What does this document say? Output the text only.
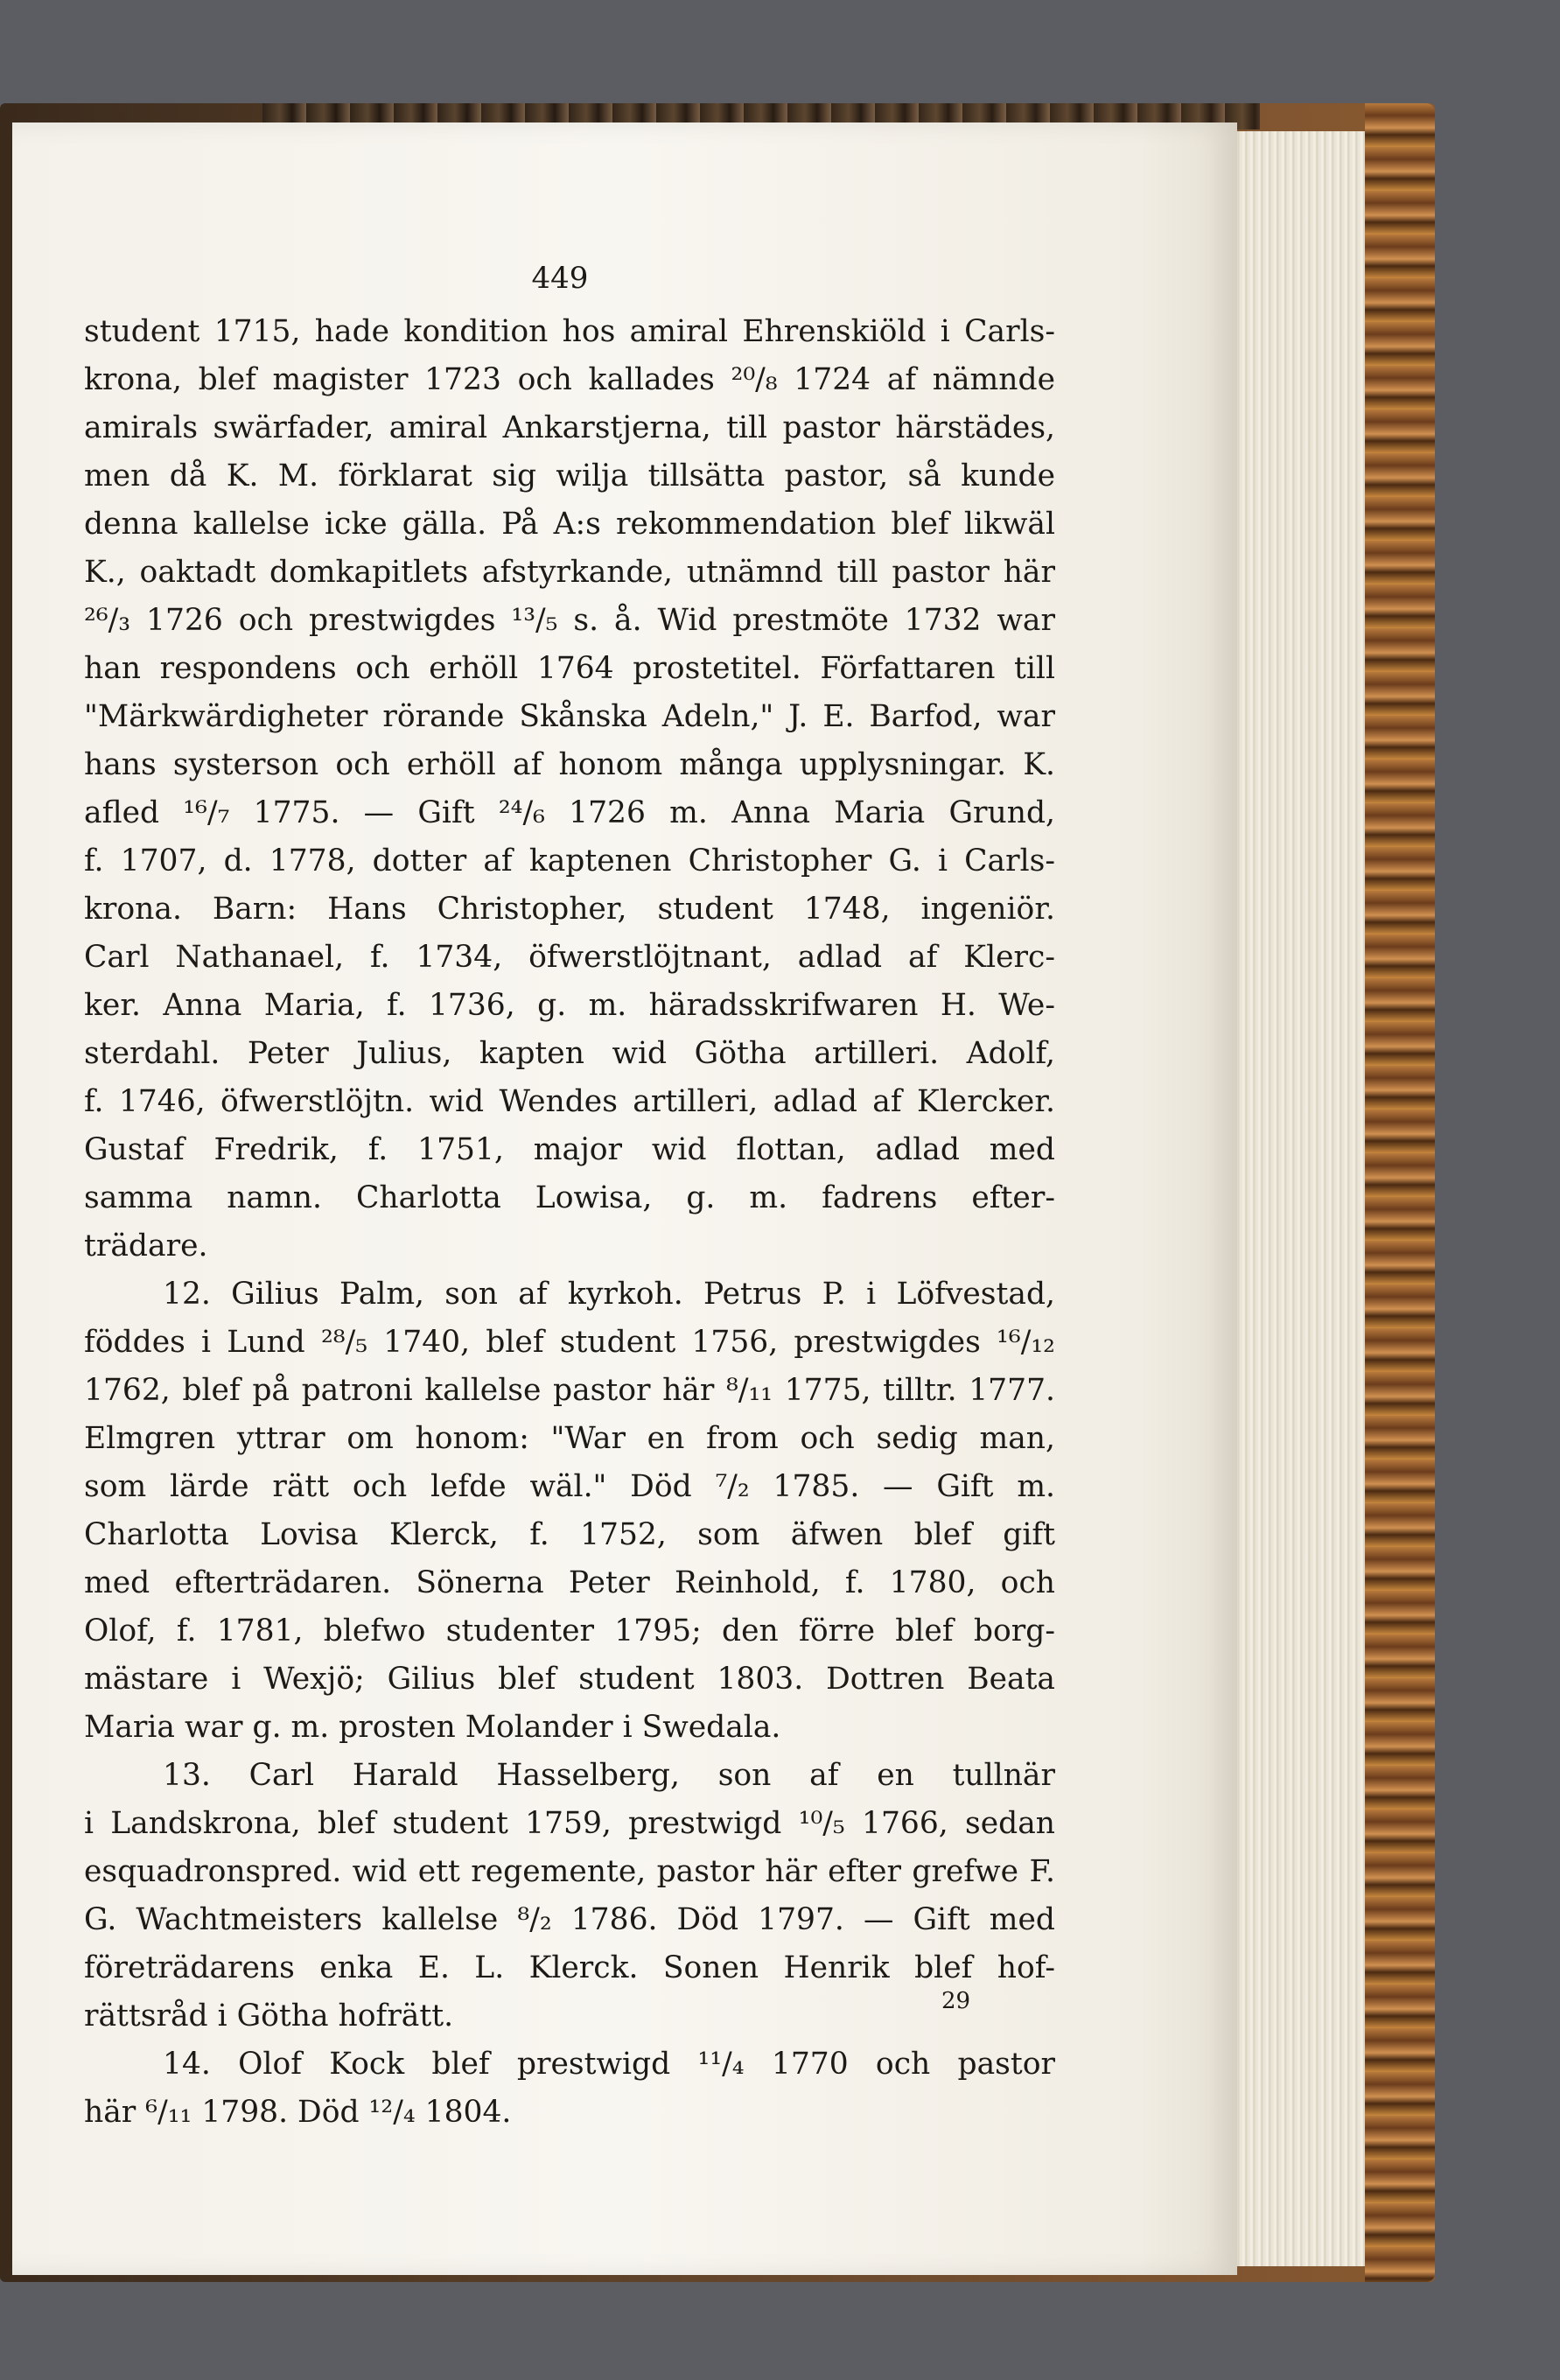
449
student 1715, hade kondition hos amiral Ehrenskiöld i Carls-
krona, blef magister 1723 och kallades ²⁰/₈ 1724 af nämnde
amirals swärfader, amiral Ankarstjerna, till pastor härstädes,
men då K. M. förklarat sig wilja tillsätta pastor, så kunde
denna kallelse icke gälla. På A:s rekommendation blef likwäl
K., oaktadt domkapitlets afstyrkande, utnämnd till pastor här
²⁶/₃ 1726 och prestwigdes ¹³/₅ s. å. Wid prestmöte 1732 war
han respondens och erhöll 1764 prostetitel. Författaren till
"Märkwärdigheter rörande Skånska Adeln," J. E. Barfod, war
hans systerson och erhöll af honom många upplysningar. K.
afled ¹⁶/₇ 1775. — Gift ²⁴/₆ 1726 m. Anna Maria Grund,
f. 1707, d. 1778, dotter af kaptenen Christopher G. i Carls-
krona. Barn: Hans Christopher, student 1748, ingeniör.
Carl Nathanael, f. 1734, öfwerstlöjtnant, adlad af Klerc-
ker. Anna Maria, f. 1736, g. m. häradsskrifwaren H. We-
sterdahl. Peter Julius, kapten wid Götha artilleri. Adolf,
f. 1746, öfwerstlöjtn. wid Wendes artilleri, adlad af Klercker.
Gustaf Fredrik, f. 1751, major wid flottan, adlad med
samma namn. Charlotta Lowisa, g. m. fadrens efter-
trädare.
12. Gilius Palm, son af kyrkoh. Petrus P. i Löfvestad,
föddes i Lund ²⁸/₅ 1740, blef student 1756, prestwigdes ¹⁶/₁₂
1762, blef på patroni kallelse pastor här ⁸/₁₁ 1775, tilltr. 1777.
Elmgren yttrar om honom: "War en from och sedig man,
som lärde rätt och lefde wäl." Död ⁷/₂ 1785. — Gift m.
Charlotta Lovisa Klerck, f. 1752, som äfwen blef gift
med efterträdaren. Sönerna Peter Reinhold, f. 1780, och
Olof, f. 1781, blefwo studenter 1795; den förre blef borg-
mästare i Wexjö; Gilius blef student 1803. Dottren Beata
Maria war g. m. prosten Molander i Swedala.
13. Carl Harald Hasselberg, son af en tullnär
i Landskrona, blef student 1759, prestwigd ¹⁰/₅ 1766, sedan
esquadronspred. wid ett regemente, pastor här efter grefwe F.
G. Wachtmeisters kallelse ⁸/₂ 1786. Död 1797. — Gift med
företrädarens enka E. L. Klerck. Sonen Henrik blef hof-
rättsråd i Götha hofrätt.
14. Olof Kock blef prestwigd ¹¹/₄ 1770 och pastor
här ⁶/₁₁ 1798. Död ¹²/₄ 1804.
29
